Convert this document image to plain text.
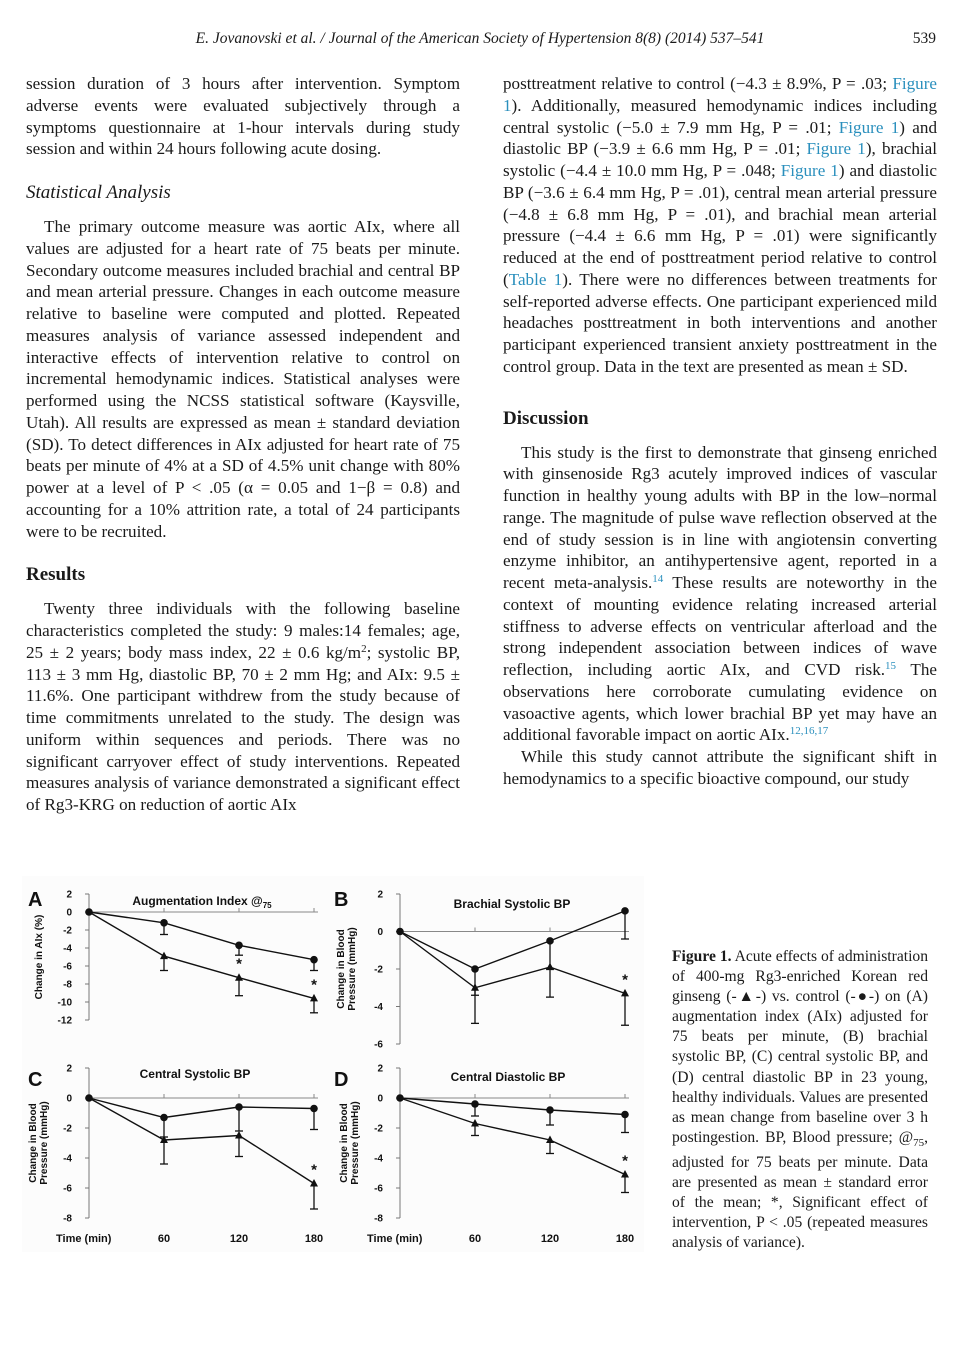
E. Jovanovski et al. / Journal of the American Society of Hypertension 8(8) (2014) 537–541	539

session duration of 3 hours after intervention. Symptom adverse events were evaluated subjectively through a symptoms questionnaire at 1-hour intervals during study session and within 24 hours following acute dosing.

Statistical Analysis

The primary outcome measure was aortic AIx, where all values are adjusted for a heart rate of 75 beats per minute. Secondary outcome measures included brachial and central BP and mean arterial pressure. Changes in each outcome measure relative to baseline were computed and plotted. Repeated measures analysis of variance assessed independent and interactive effects of intervention relative to control on incremental hemodynamic indices. Statistical analyses were performed using the NCSS statistical software (Kaysville, Utah). All results are expressed as mean ± standard deviation (SD). To detect differences in AIx adjusted for heart rate of 75 beats per minute of 4% at a SD of 4.5% unit change with 80% power at a level of P < .05 (α = 0.05 and 1−β = 0.8) and accounting for a 10% attrition rate, a total of 24 participants were to be recruited.

Results

Twenty three individuals with the following baseline characteristics completed the study: 9 males:14 females; age, 25 ± 2 years; body mass index, 22 ± 0.6 $kg/m^2$; systolic BP, 113 ± 3 mm Hg, diastolic BP, 70 ± 2 mm Hg; and AIx: 9.5 ± 11.6%. One participant withdrew from the study because of time commitments unrelated to the study. The design was uniform within sequences and periods. There was no significant carryover effect of study interventions. Repeated measures analysis of variance demonstrated a significant effect of Rg3-KRG on reduction of aortic AIx

posttreatment relative to control (−4.3 ± 8.9%, P = .03; Figure 1). Additionally, measured hemodynamic indices including central systolic (−5.0 ± 7.9 mm Hg, P = .01; Figure 1) and diastolic BP (−3.9 ± 6.6 mm Hg, P = .01; Figure 1), brachial systolic (−4.4 ± 10.0 mm Hg, P = .048; Figure 1) and diastolic BP (−3.6 ± 6.4 mm Hg, P = .01), central mean arterial pressure (−4.8 ± 6.8 mm Hg, P = .01), and brachial mean arterial pressure (−4.4 ± 6.6 mm Hg, P = .01) were significantly reduced at the end of posttreatment period relative to control (Table 1). There were no differences between treatments for self-reported adverse effects. One participant experienced mild headaches posttreatment in both interventions and another participant experienced transient anxiety posttreatment in the control group. Data in the text are presented as mean ± SD.

Discussion

This study is the first to demonstrate that ginseng enriched with ginsenoside Rg3 acutely improved indices of vascular function in healthy young adults with BP in the low–normal range. The magnitude of pulse wave reflection observed at the end of study session is in line with angiotensin converting enzyme inhibitor, an antihypertensive agent, reported in a recent meta-analysis.$^{14}$ These results are noteworthy in the context of mounting evidence relating increased arterial stiffness to adverse effects on ventricular afterload and the strong independent association between indices of wave reflection, including aortic AIx, and CVD risk.$^{15}$ The observations here corroborate cumulating evidence on vasoactive agents, which lower brachial BP yet may have an additional favorable impact on aortic AIx.$^{12,16,17}$

While this study cannot attribute the significant shift in hemodynamics to a specific bioactive compound, our study

A	Augmentation Index $@_{75}$
2
0
-2
-4
-6
-8
-10
-12
Change in AIx (%)	*
*
B	Brachial Systolic BP
2
0
-2
-4
-6
Change in Blood Pressure (mmHg)	*
C	Central Systolic BP
2
0
-2
-4
-6
-8
Change in Blood Pressure (mmHg)	*
Time (min)	60	120	180
D	Central Diastolic BP
2
0
-2
-4
-6
-8
Change in Blood Pressure (mmHg)	*
Time (min)	60	120	180
Figure 1. Acute effects of administration of 400-mg Rg3-enriched Korean red ginseng (-▲-) vs. control (-●-) on (A) augmentation index (AIx) adjusted for 75 beats per minute, (B) brachial systolic BP, (C) central systolic BP, and (D) central diastolic BP in 23 young, healthy individuals. Values are presented as mean change from baseline over 3 h postingestion. BP, Blood pressure; $@_{75}$, adjusted for 75 beats per minute. Data are presented as mean ± standard error of the mean; *, Significant effect of intervention, P < .05 (repeated measures analysis of variance).
